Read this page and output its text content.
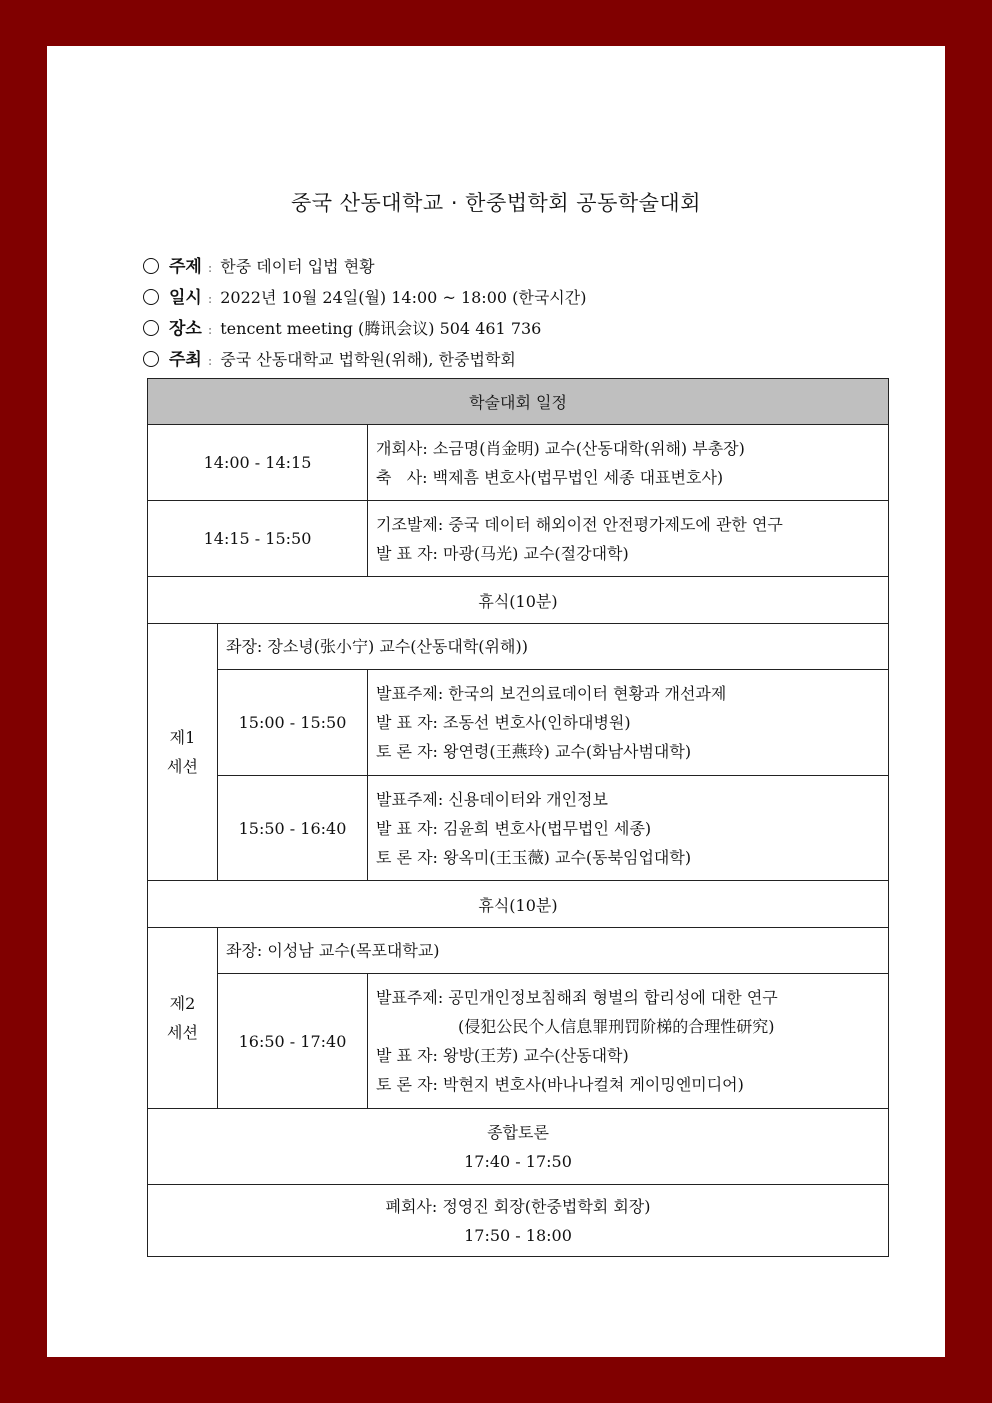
중국 산동대학교 · 한중법학회 공동학술대회
주제 : 한중 데이터 입법 현황
일시 : 2022년 10월 24일(월) 14:00 ~ 18:00 (한국시간)
장소 : tencent meeting (腾讯会议) 504 461 736
주최 : 중국 산동대학교 법학원(위해), 한중법학회
학술대회 일정		
14:00 - 14:15		개회사: 소금명(肖金明) 교수(산동대학(위해) 부총장)
축   사: 백제흠 변호사(법무법인 세종 대표변호사)

14:15 - 15:50		기조발제: 중국 데이터 해외이전 안전평가제도에 관한 연구
발 표 자: 마광(马光) 교수(절강대학)

휴식(10분)		

제1
세션	좌장: 장소녕(张小宁) 교수(산동대학(위해))	
	15:00 - 15:50	발표주제: 한국의 보건의료데이터 현황과 개선과제
발 표 자: 조동선 변호사(인하대병원)
토 론 자: 왕연령(王燕玲) 교수(화남사범대학)

	15:50 - 16:40	발표주제: 신용데이터와 개인정보
발 표 자: 김윤희 변호사(법무법인 세종)
토 론 자: 왕옥미(王玉薇) 교수(동북임업대학)

휴식(10분)		

제2
세션	좌장: 이성남 교수(목포대학교)	
	16:50 - 17:40	발표주제: 공민개인정보침해죄 형벌의 합리성에 대한 연구
(侵犯公民个人信息罪刑罚阶梯的合理性研究)
발 표 자: 왕방(王芳) 교수(산동대학)
토 론 자: 박현지 변호사(바나나컬쳐 게이밍엔미디어)

종합토론
17:40 - 17:50		

폐회사: 정영진 회장(한중법학회 회장)
17:50 - 18:00		
